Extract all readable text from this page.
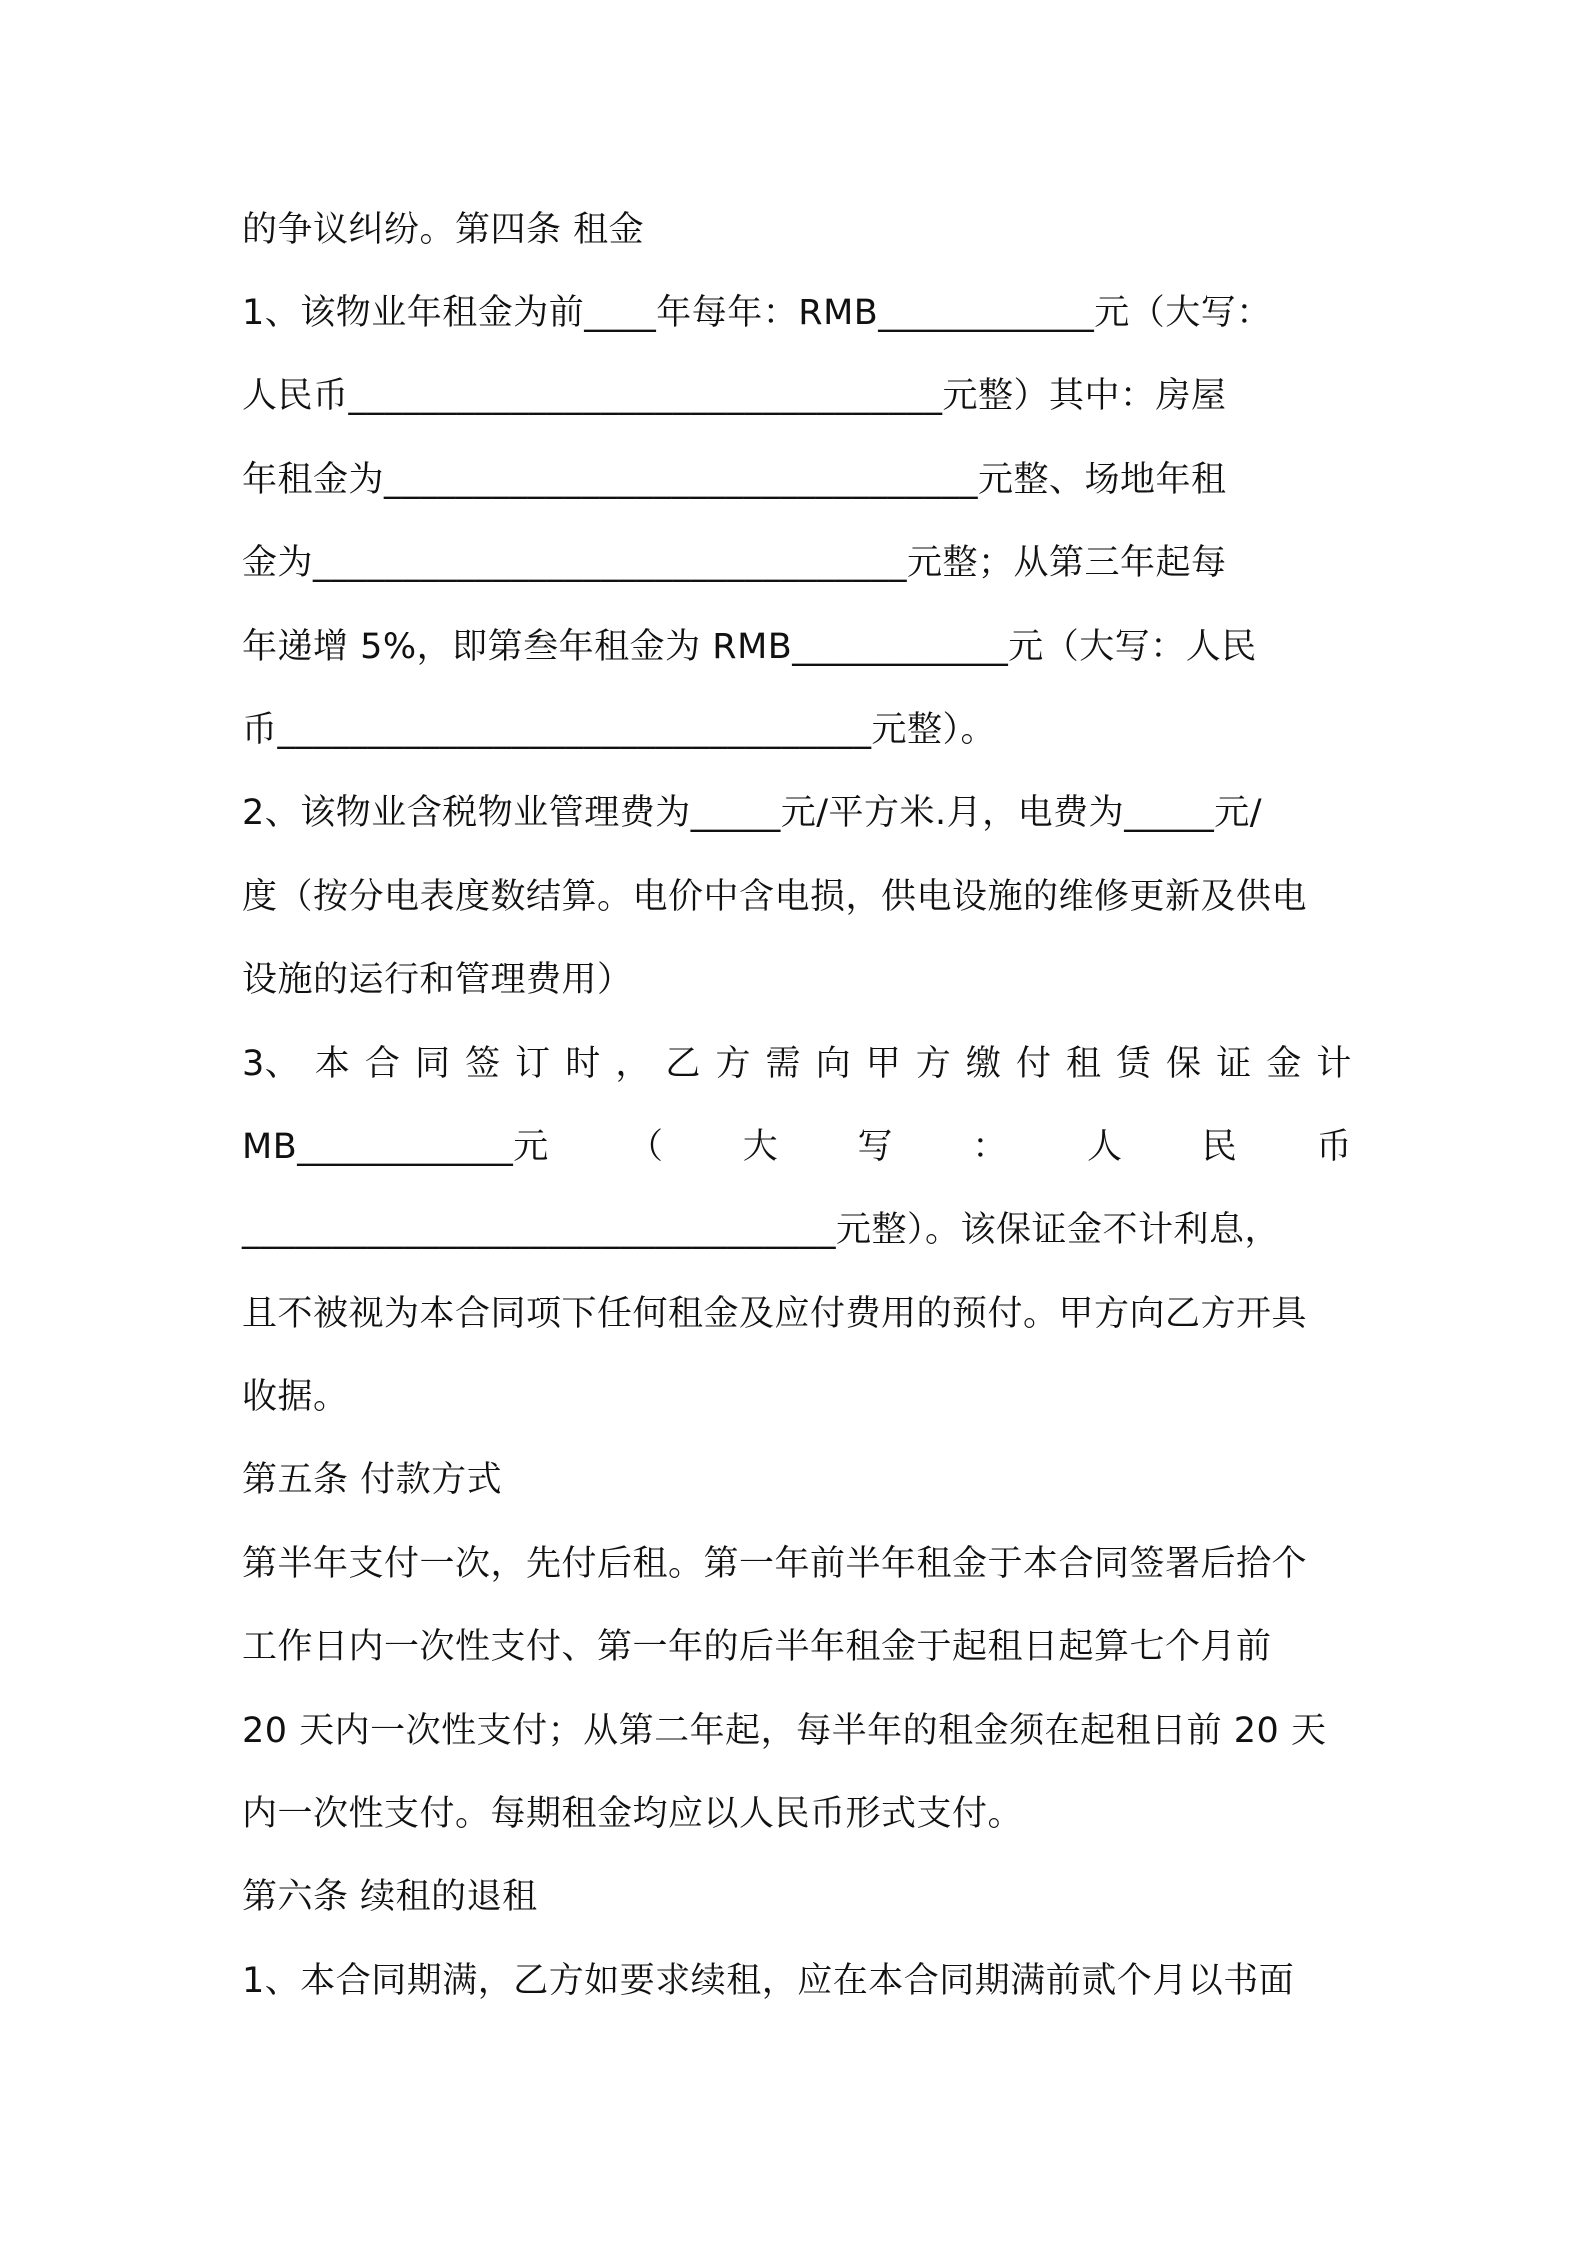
的争议纠纷。第四条 租金
1、该物业年租金为前____年每年：RMB____________元（大写：
人民币_________________________________元整）其中：房屋
年租金为_________________________________元整、场地年租
金为_________________________________元整；从第三年起每
年递增 5%，即第叁年租金为 RMB____________元（大写：人民
币_________________________________元整）。
2、该物业含税物业管理费为_____元/平方米.月，电费为_____元/
度（按分电表度数结算。电价中含电损，供电设施的维修更新及供电
设施的运行和管理费用）
3、 本 合 同 签 订 时 ， 乙 方 需 向 甲 方 缴 付 租 赁 保 证 金 计
MB____________元 （ 大 写 ： 人 民 币
_________________________________元整）。该保证金不计利息，
且不被视为本合同项下任何租金及应付费用的预付。甲方向乙方开具
收据。
第五条 付款方式
第半年支付一次，先付后租。第一年前半年租金于本合同签署后拾个
工作日内一次性支付、第一年的后半年租金于起租日起算七个月前
20 天内一次性支付；从第二年起，每半年的租金须在起租日前 20 天
内一次性支付。每期租金均应以人民币形式支付。
第六条 续租的退租
1、本合同期满，乙方如要求续租，应在本合同期满前贰个月以书面
